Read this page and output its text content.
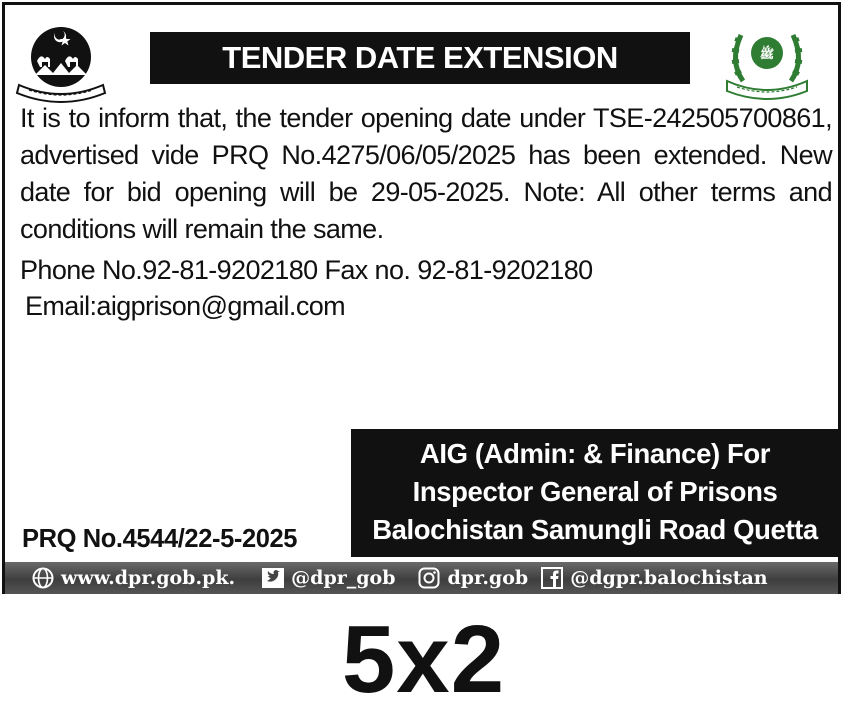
TENDER DATE EXTENSION	ﷺ

It is to inform that, the tender opening date under TSE-242505700861, advertised vide PRQ No.4275/06/05/2025 has been extended. New date for bid opening will be 29-05-2025. Note: All other terms and conditions will remain the same.

Phone No.92-81-9202180 Fax no. 92-81-9202180
Email:aigprison@gmail.com
AIG (Admin: & Finance) For
Inspector General of Prisons
Balochistan Samungli Road Quetta
PRQ No.4544/22-5-2025
www.dpr.gob.pk.	@dpr_gob	dpr.gob @dgpr.balochistan
5x2
